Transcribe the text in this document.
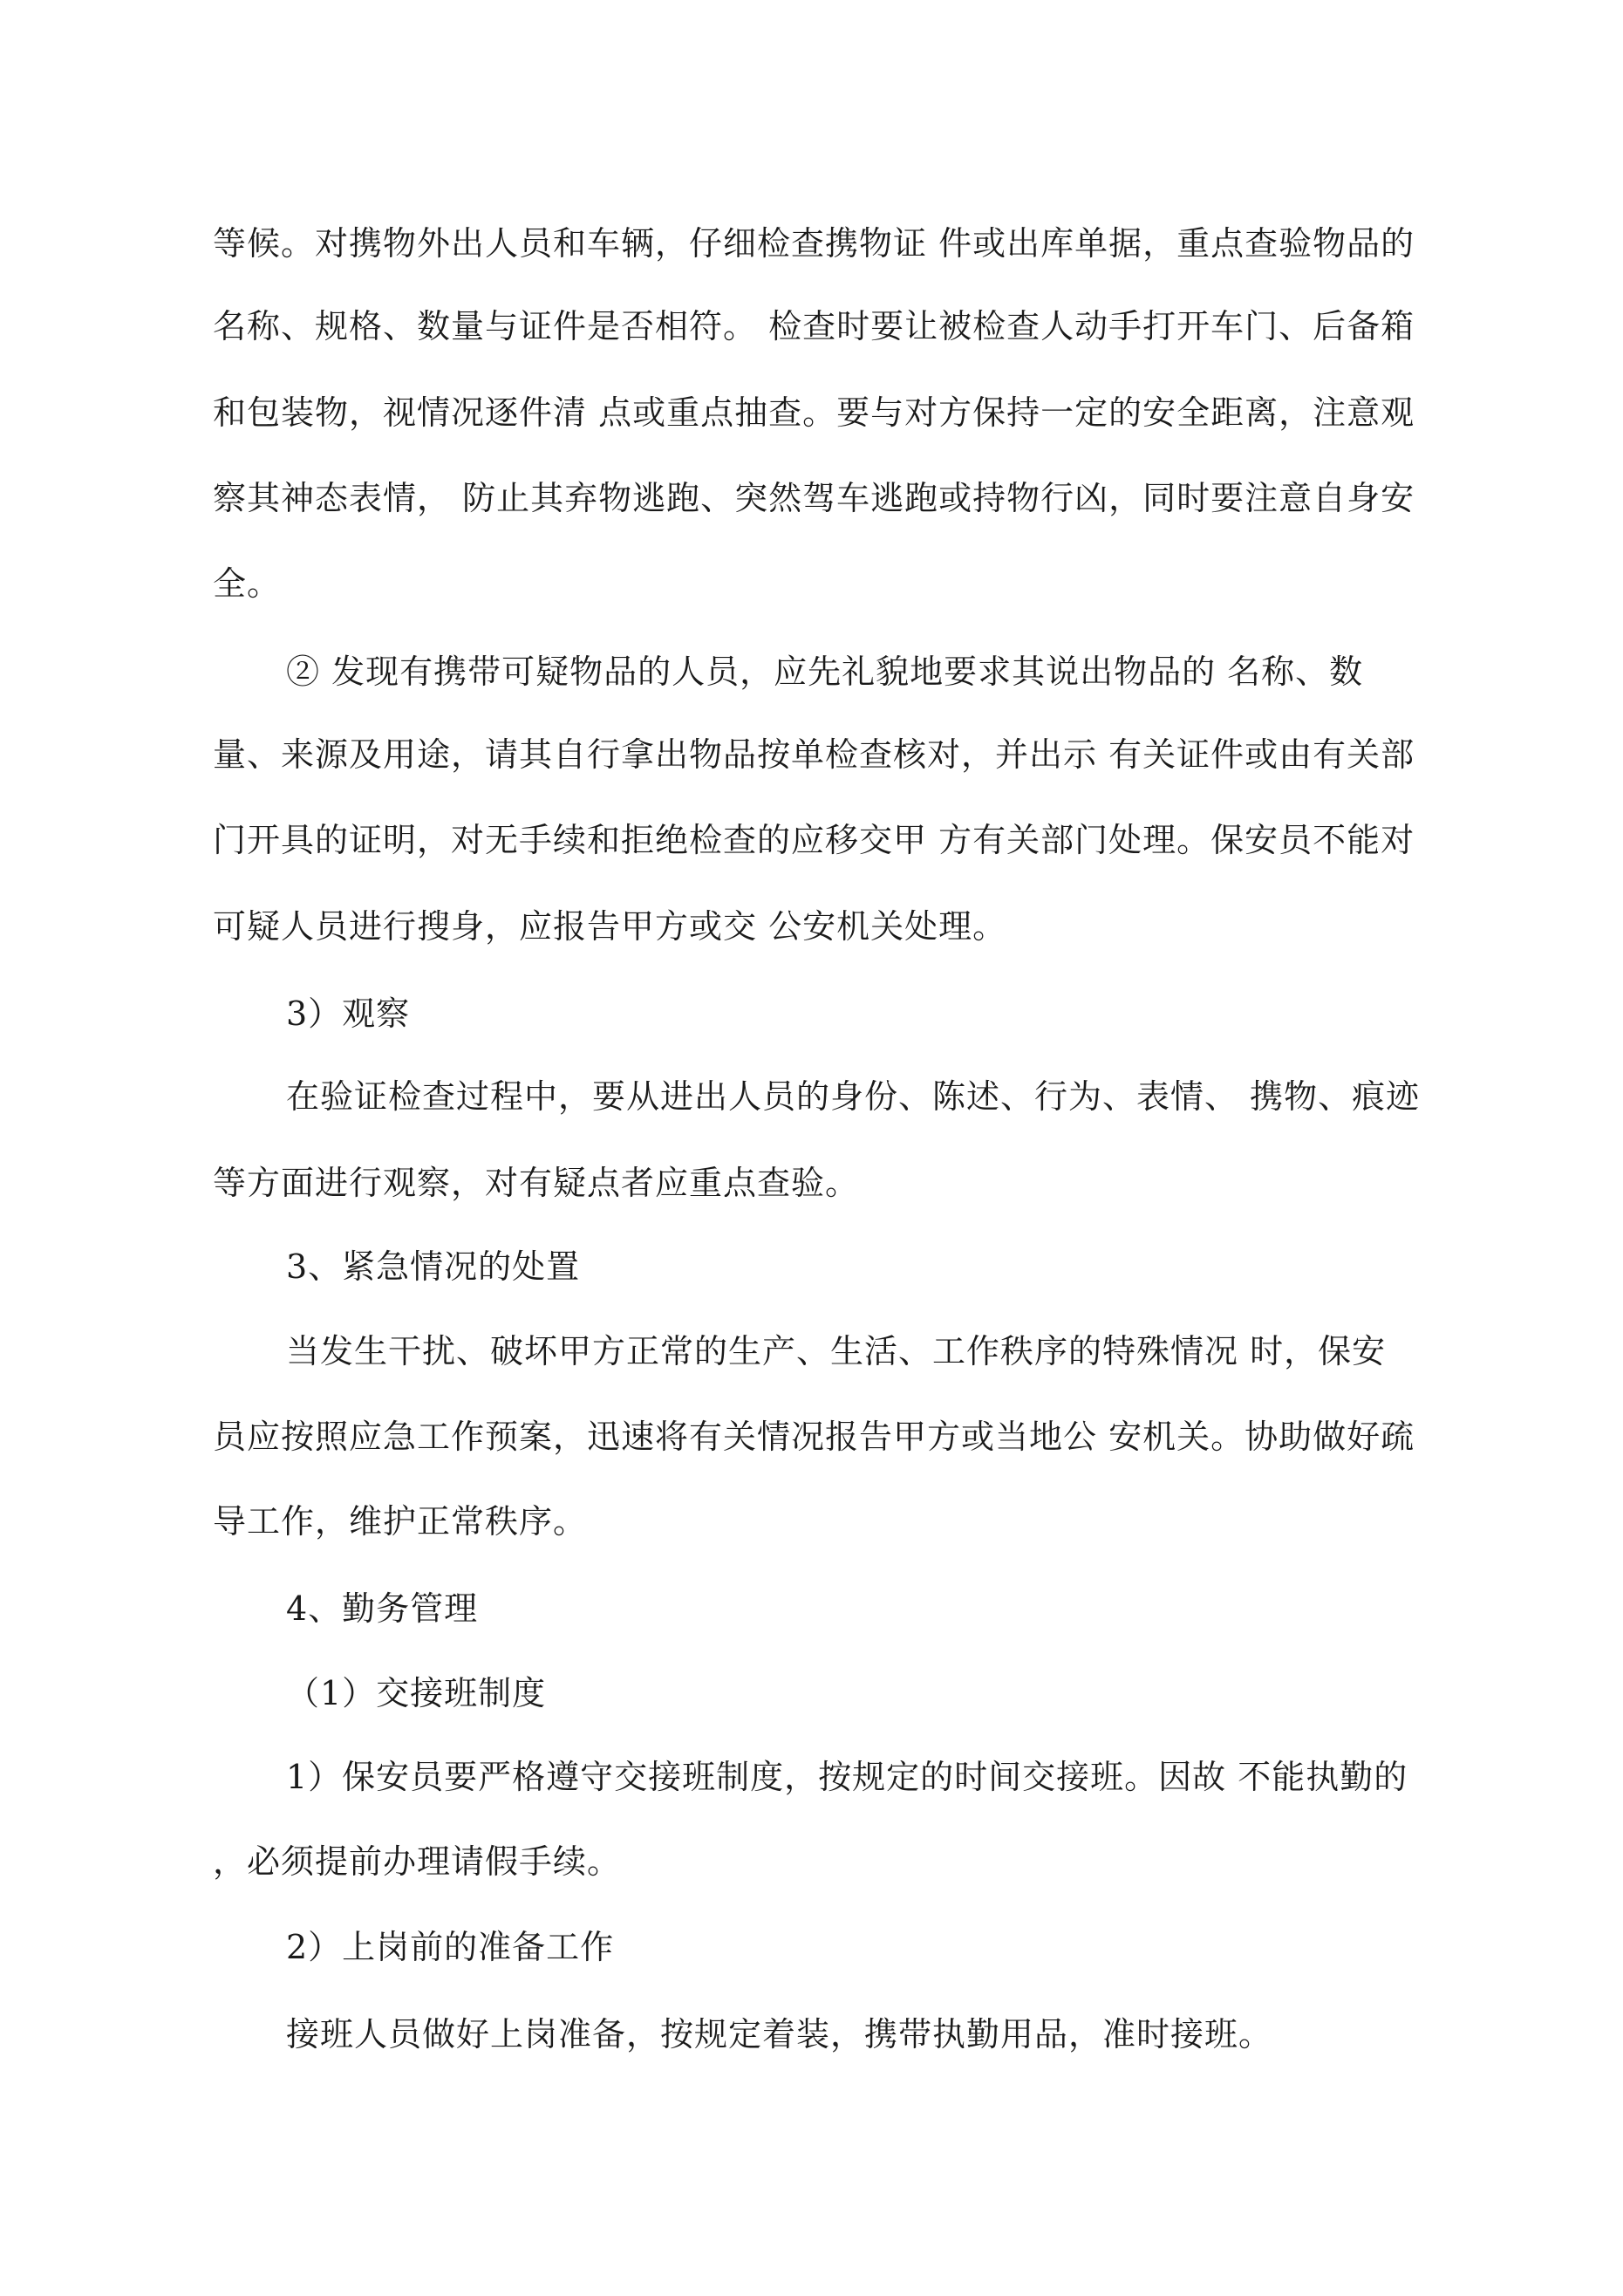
等候。对携物外出人员和车辆，仔细检查携物证 件或出库单据，重点查验物品的
名称、规格、数量与证件是否相符。 检查时要让被检查人动手打开车门、后备箱
和包装物，视情况逐件清 点或重点抽查。要与对方保持一定的安全距离，注意观
察其神态表情， 防止其弃物逃跑、突然驾车逃跑或持物行凶，同时要注意自身安
全。
② 发现有携带可疑物品的人员，应先礼貌地要求其说出物品的 名称、数
量、来源及用途，请其自行拿出物品按单检查核对，并出示 有关证件或由有关部
门开具的证明，对无手续和拒绝检查的应移交甲 方有关部门处理。保安员不能对
可疑人员进行搜身，应报告甲方或交 公安机关处理。
3）观察
在验证检查过程中，要从进出人员的身份、陈述、行为、表情、 携物、痕迹
等方面进行观察，对有疑点者应重点查验。
3、紧急情况的处置
当发生干扰、破坏甲方正常的生产、生活、工作秩序的特殊情况 时，保安
员应按照应急工作预案，迅速将有关情况报告甲方或当地公 安机关。协助做好疏
导工作，维护正常秩序。
4、勤务管理
（1）交接班制度
1）保安员要严格遵守交接班制度，按规定的时间交接班。因故 不能执勤的
，必须提前办理请假手续。
2）上岗前的准备工作
接班人员做好上岗准备，按规定着装，携带执勤用品，准时接班。
